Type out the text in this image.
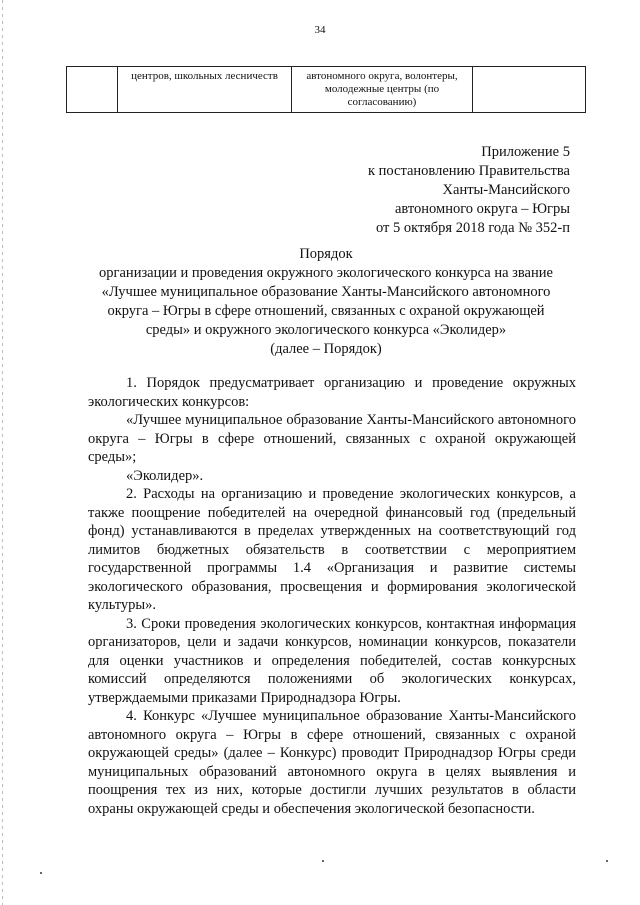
34
	центров, школьных лесничеств	автономного округа, волонтеры, молодежные центры (по согласованию)	
Приложение 5
к постановлению Правительства
Ханты-Мансийского
автономного округа – Югры
от 5 октября 2018 года № 352-п
Порядок
организации и проведения окружного экологического конкурса на звание
«Лучшее муниципальное образование Ханты-Мансийского автономного
округа – Югры в сфере отношений, связанных с охраной окружающей
среды» и окружного экологического конкурса «Эколидер»
(далее – Порядок)

1. Порядок предусматривает организацию и проведение окружных экологических конкурсов:

«Лучшее муниципальное образование Ханты-Мансийского автономного округа – Югры в сфере отношений, связанных с охраной окружающей среды»;

«Эколидер».

2. Расходы на организацию и проведение экологических конкурсов, а также поощрение победителей на очередной финансовый год (предельный фонд) устанавливаются в пределах утвержденных на соответствующий год лимитов бюджетных обязательств в соответствии с мероприятием государственной программы 1.4 «Организация и развитие системы экологического образования, просвещения и формирования экологической культуры».

3. Сроки проведения экологических конкурсов, контактная информация организаторов, цели и задачи конкурсов, номинации конкурсов, показатели для оценки участников и определения победителей, состав конкурсных комиссий определяются положениями об экологических конкурсах, утверждаемыми приказами Природнадзора Югры.

4. Конкурс «Лучшее муниципальное образование Ханты-Мансийского автономного округа – Югры в сфере отношений, связанных с охраной окружающей среды» (далее – Конкурс) проводит Природнадзор Югры среди муниципальных образований автономного округа в целях выявления и поощрения тех из них, которые достигли лучших результатов в области охраны окружающей среды и обеспечения экологической безопасности.
